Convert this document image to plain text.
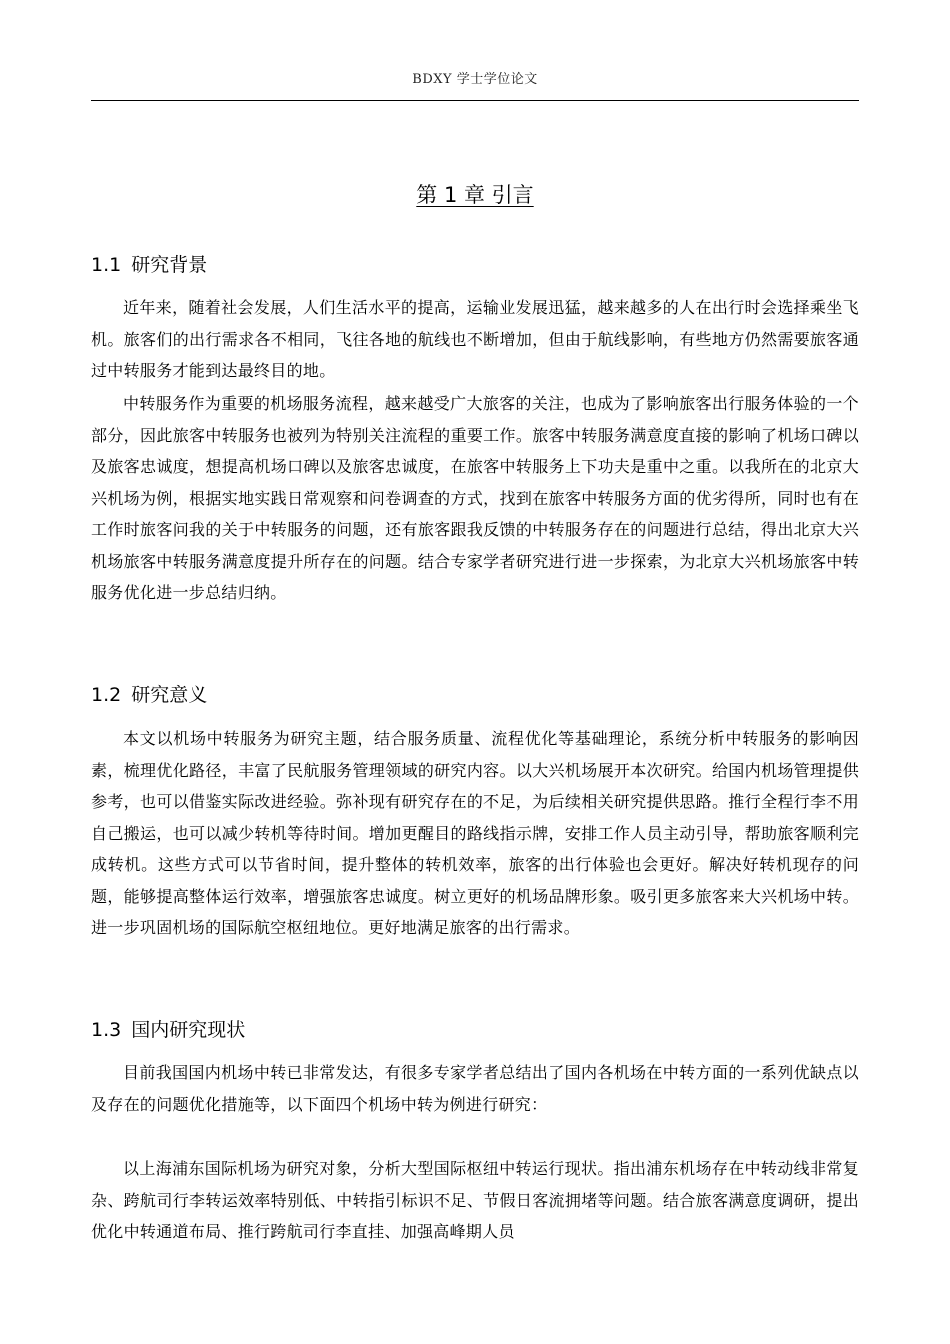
BDXY 学士学位论文
第 1 章 引言
1.1 研究背景

近年来，随着社会发展，人们生活水平的提高，运输业发展迅猛，越来越多的人在出行时会选择乘坐飞机。旅客们的出行需求各不相同，飞往各地的航线也不断增加，但由于航线影响，有些地方仍然需要旅客通过中转服务才能到达最终目的地。

中转服务作为重要的机场服务流程，越来越受广大旅客的关注，也成为了影响旅客出行服务体验的一个部分，因此旅客中转服务也被列为特别关注流程的重要工作。旅客中转服务满意度直接的影响了机场口碑以及旅客忠诚度，想提高机场口碑以及旅客忠诚度，在旅客中转服务上下功夫是重中之重。以我所在的北京大兴机场为例，根据实地实践日常观察和问卷调查的方式，找到在旅客中转服务方面的优劣得所，同时也有在工作时旅客问我的关于中转服务的问题，还有旅客跟我反馈的中转服务存在的问题进行总结，得出北京大兴机场旅客中转服务满意度提升所存在的问题。结合专家学者研究进行进一步探索，为北京大兴机场旅客中转服务优化进一步总结归纳。

1.2 研究意义

本文以机场中转服务为研究主题，结合服务质量、流程优化等基础理论，系统分析中转服务的影响因素，梳理优化路径，丰富了民航服务管理领域的研究内容。以大兴机场展开本次研究。给国内机场管理提供参考，也可以借鉴实际改进经验。弥补现有研究存在的不足，为后续相关研究提供思路。推行全程行李不用自己搬运，也可以减少转机等待时间。增加更醒目的路线指示牌，安排工作人员主动引导，帮助旅客顺利完成转机。这些方式可以节省时间，提升整体的转机效率，旅客的出行体验也会更好。解决好转机现存的问题，能够提高整体运行效率，增强旅客忠诚度。树立更好的机场品牌形象。吸引更多旅客来大兴机场中转。进一步巩固机场的国际航空枢纽地位。更好地满足旅客的出行需求。

1.3 国内研究现状

目前我国国内机场中转已非常发达，有很多专家学者总结出了国内各机场在中转方面的一系列优缺点以及存在的问题优化措施等，以下面四个机场中转为例进行研究：

以上海浦东国际机场为研究对象，分析大型国际枢纽中转运行现状。指出浦东机场存在中转动线非常复杂、跨航司行李转运效率特别低、中转指引标识不足、节假日客流拥堵等问题。结合旅客满意度调研，提出优化中转通道布局、推行跨航司行李直挂、加强高峰期人员
